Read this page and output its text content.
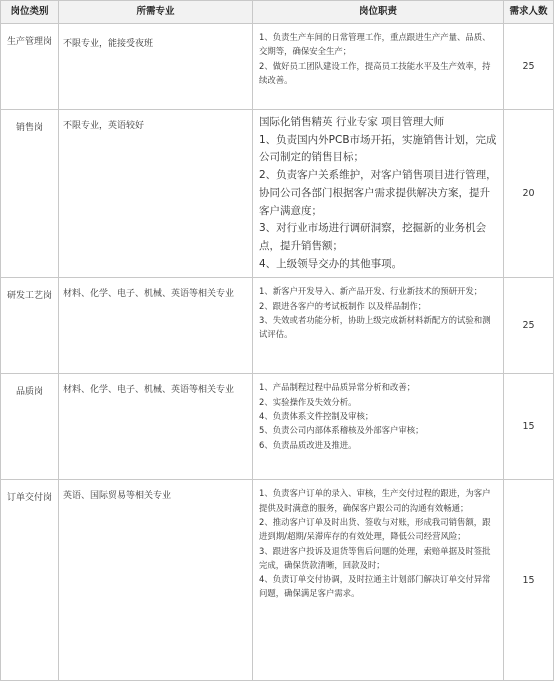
岗位类别	所需专业	岗位职责	需求人数
生产管理岗	不限专业，能接受夜班	1、负责生产车间的日常管理工作，重点跟进生产产量、品质、交期等，确保安全生产；

2、做好员工团队建设工作，提高员工技能水平及生产效率，持续改善。	25
销售岗	不限专业，英语较好	国际化销售精英 行业专家 项目管理大师

1、负责国内外PCB市场开拓，实施销售计划，完成公司制定的销售目标；

2、负责客户关系维护，对客户销售项目进行管理，协同公司各部门根据客户需求提供解决方案，提升客户满意度；

3、对行业市场进行调研洞察，挖掘新的业务机会点，提升销售额；

4、上级领导交办的其他事项。	20
研发工艺岗	材料、化学、电子、机械、英语等相关专业	1、新客户开发导入、新产品开发、行业新技术的预研开发；

2、跟进各客户的考试板制作 以及样品制作；

3、失效或者功能分析，协助上级完成新材料新配方的试验和测试评估。	25
品质岗	材料、化学、电子、机械、英语等相关专业	1、产品制程过程中品质异常分析和改善；

2、实验操作及失效分析。

4、负责体系文件控制及审核；

5、负责公司内部体系稽核及外部客户审核；

6、负责品质改进及推进。	15
订单交付岗	英语、国际贸易等相关专业	1、负责客户订单的录入、审核，生产交付过程的跟进，为客户提供及时满意的服务，确保客户跟公司的沟通有效畅通；

2、推动客户订单及时出货、签收与对账，形成我司销售额，跟进到期/超期/呆滞库存的有效处理，降低公司经营风险；

3、跟进客户投诉及退货等售后问题的处理，索赔单据及时签批完成，确保货款清晰，回款及时；

4、负责订单交付协调，及时拉通主计划部门解决订单交付异常问题，确保满足客户需求。	15
